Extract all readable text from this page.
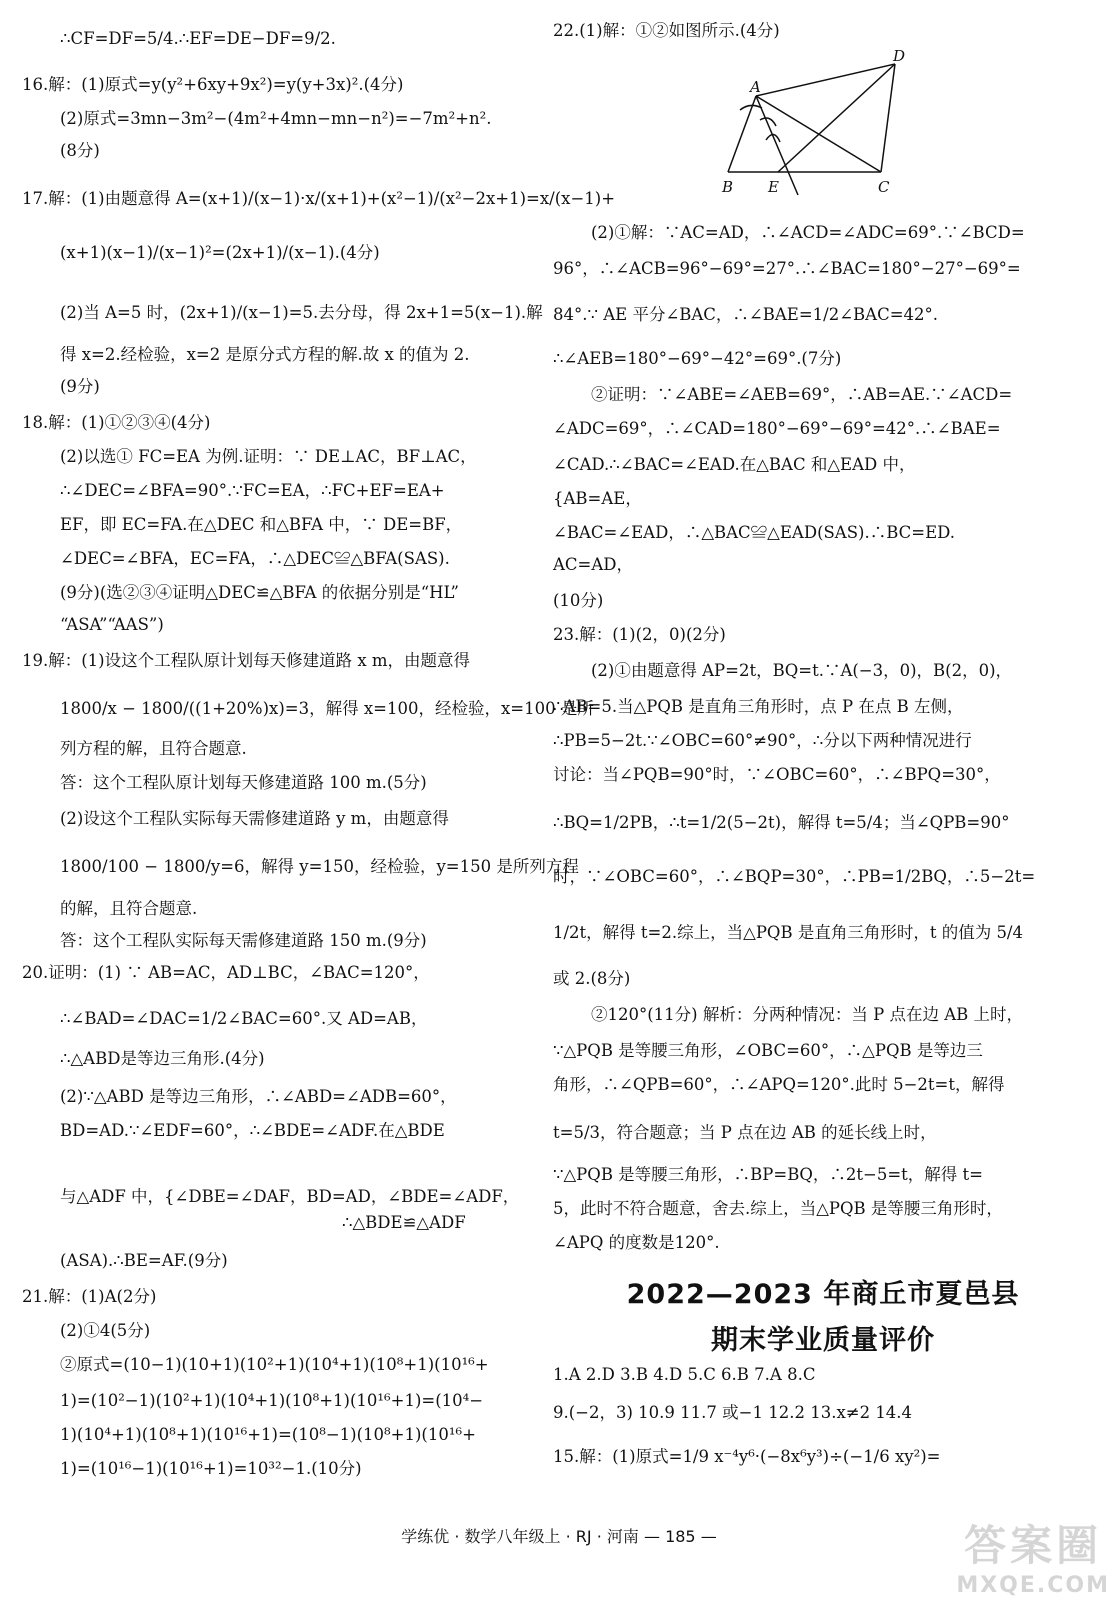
∴CF=DF=5/4.∴EF=DE−DF=9/2.
16.解：(1)原式=y(y²+6xy+9x²)=y(y+3x)².(4分)
(2)原式=3mn−3m²−(4m²+4mn−mn−n²)=−7m²+n².
(8分)
17.解：(1)由题意得 A=(x+1)/(x−1)·x/(x+1)+(x²−1)/(x²−2x+1)=x/(x−1)+
(x+1)(x−1)/(x−1)²=(2x+1)/(x−1).(4分)
(2)当 A=5 时，(2x+1)/(x−1)=5.去分母，得 2x+1=5(x−1).解
得 x=2.经检验，x=2 是原分式方程的解.故 x 的值为 2.
(9分)
18.解：(1)①②③④(4分)
(2)以选① FC=EA 为例.证明：∵ DE⊥AC，BF⊥AC，
∴∠DEC=∠BFA=90°.∵FC=EA，∴FC+EF=EA+
EF，即 EC=FA.在△DEC 和△BFA 中，∵ DE=BF，
∠DEC=∠BFA，EC=FA，∴△DEC≌△BFA(SAS).
(9分)(选②③④证明△DEC≌△BFA 的依据分别是“HL”
“ASA”“AAS”)
19.解：(1)设这个工程队原计划每天修建道路 x m，由题意得
1800/x − 1800/((1+20%)x)=3，解得 x=100，经检验，x=100 是所
列方程的解，且符合题意.
答：这个工程队原计划每天修建道路 100 m.(5分)
(2)设这个工程队实际每天需修建道路 y m，由题意得
1800/100 − 1800/y=6，解得 y=150，经检验，y=150 是所列方程
的解，且符合题意.
答：这个工程队实际每天需修建道路 150 m.(9分)
20.证明：(1) ∵ AB=AC，AD⊥BC，∠BAC=120°，
∴∠BAD=∠DAC=1/2∠BAC=60°.又 AD=AB，
∴△ABD是等边三角形.(4分)
(2)∵△ABD 是等边三角形，∴∠ABD=∠ADB=60°，
BD=AD.∵∠EDF=60°，∴∠BDE=∠ADF.在△BDE
与△ADF 中，{∠DBE=∠DAF，BD=AD，∠BDE=∠ADF，
∴△BDE≌△ADF
(ASA).∴BE=AF.(9分)
21.解：(1)A(2分)
(2)①4(5分)
②原式=(10−1)(10+1)(10²+1)(10⁴+1)(10⁸+1)(10¹⁶+
1)=(10²−1)(10²+1)(10⁴+1)(10⁸+1)(10¹⁶+1)=(10⁴−
1)(10⁴+1)(10⁸+1)(10¹⁶+1)=(10⁸−1)(10⁸+1)(10¹⁶+
1)=(10¹⁶−1)(10¹⁶+1)=10³²−1.(10分)
22.(1)解：①②如图所示.(4分)
A
B	C
D
E
(2)①解：∵AC=AD，∴∠ACD=∠ADC=69°.∵∠BCD=
96°，∴∠ACB=96°−69°=27°.∴∠BAC=180°−27°−69°=
84°.∵ AE 平分∠BAC，∴∠BAE=1/2∠BAC=42°.
∴∠AEB=180°−69°−42°=69°.(7分)
②证明：∵∠ABE=∠AEB=69°，∴AB=AE.∵∠ACD=
∠ADC=69°，∴∠CAD=180°−69°−69°=42°.∴∠BAE=
∠CAD.∴∠BAC=∠EAD.在△BAC 和△EAD 中，
{AB=AE，
∠BAC=∠EAD，∴△BAC≌△EAD(SAS).∴BC=ED.
AC=AD，
(10分)
23.解：(1)(2，0)(2分)
(2)①由题意得 AP=2t，BQ=t.∵A(−3，0)，B(2，0)，
∴AB=5.当△PQB 是直角三角形时，点 P 在点 B 左侧，
∴PB=5−2t.∵∠OBC=60°≠90°，∴分以下两种情况进行
讨论：当∠PQB=90°时，∵∠OBC=60°，∴∠BPQ=30°，
∴BQ=1/2PB，∴t=1/2(5−2t)，解得 t=5/4；当∠QPB=90°
时，∵∠OBC=60°，∴∠BQP=30°，∴PB=1/2BQ，∴5−2t=
1/2t，解得 t=2.综上，当△PQB 是直角三角形时，t 的值为 5/4
或 2.(8分)
②120°(11分) 解析：分两种情况：当 P 点在边 AB 上时，
∵△PQB 是等腰三角形，∠OBC=60°，∴△PQB 是等边三
角形，∴∠QPB=60°，∴∠APQ=120°.此时 5−2t=t，解得
t=5/3，符合题意；当 P 点在边 AB 的延长线上时，
∵△PQB 是等腰三角形，∴BP=BQ，∴2t−5=t，解得 t=
5，此时不符合题意，舍去.综上，当△PQB 是等腰三角形时，
∠APQ 的度数是120°.
2022—2023 年商丘市夏邑县
期末学业质量评价
1.A 2.D 3.B 4.D 5.C 6.B 7.A 8.C
9.(−2，3) 10.9 11.7 或−1 12.2 13.x≠2 14.4
15.解：(1)原式=1/9 x⁻⁴y⁶·(−8x⁶y³)÷(−1/6 xy²)=
学练优 · 数学八年级上 · RJ · 河南 — 185 —	答案圈
MXQE.COM
